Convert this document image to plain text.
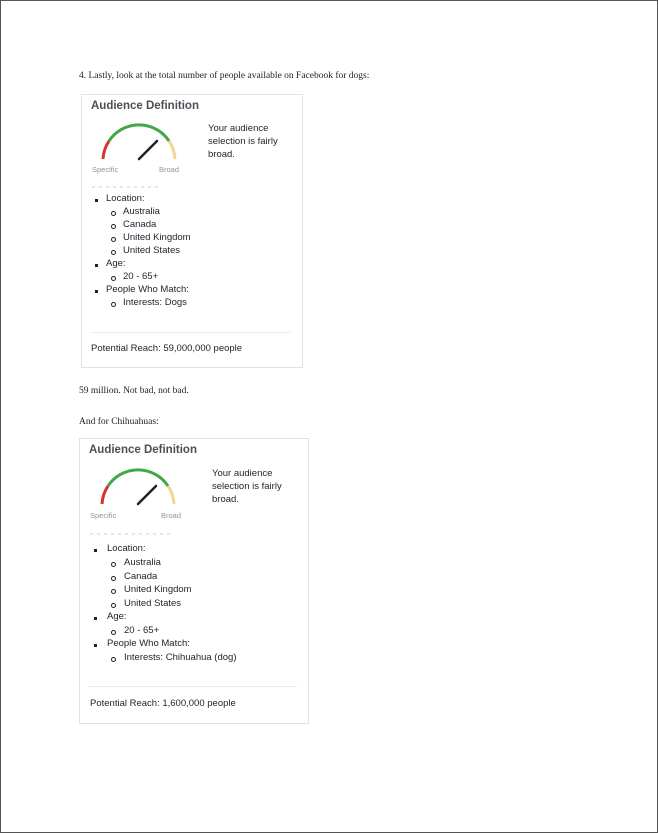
4. Lastly, look at the total number of people available on Facebook for dogs:
Audience Definition
Specific	Broad
Your audience
selection is fairly
broad.
Location:
Australia
Canada
United Kingdom
United States
Age:
20 - 65+
People Who Match:
Interests: Dogs
Potential Reach: 59,000,000 people
59 million. Not bad, not bad.
And for Chihuahuas:
Audience Definition
Specific	Broad
Your audience
selection is fairly
broad.
Location:
Australia
Canada
United Kingdom
United States
Age:
20 - 65+
People Who Match:
Interests: Chihuahua (dog)
Potential Reach: 1,600,000 people
